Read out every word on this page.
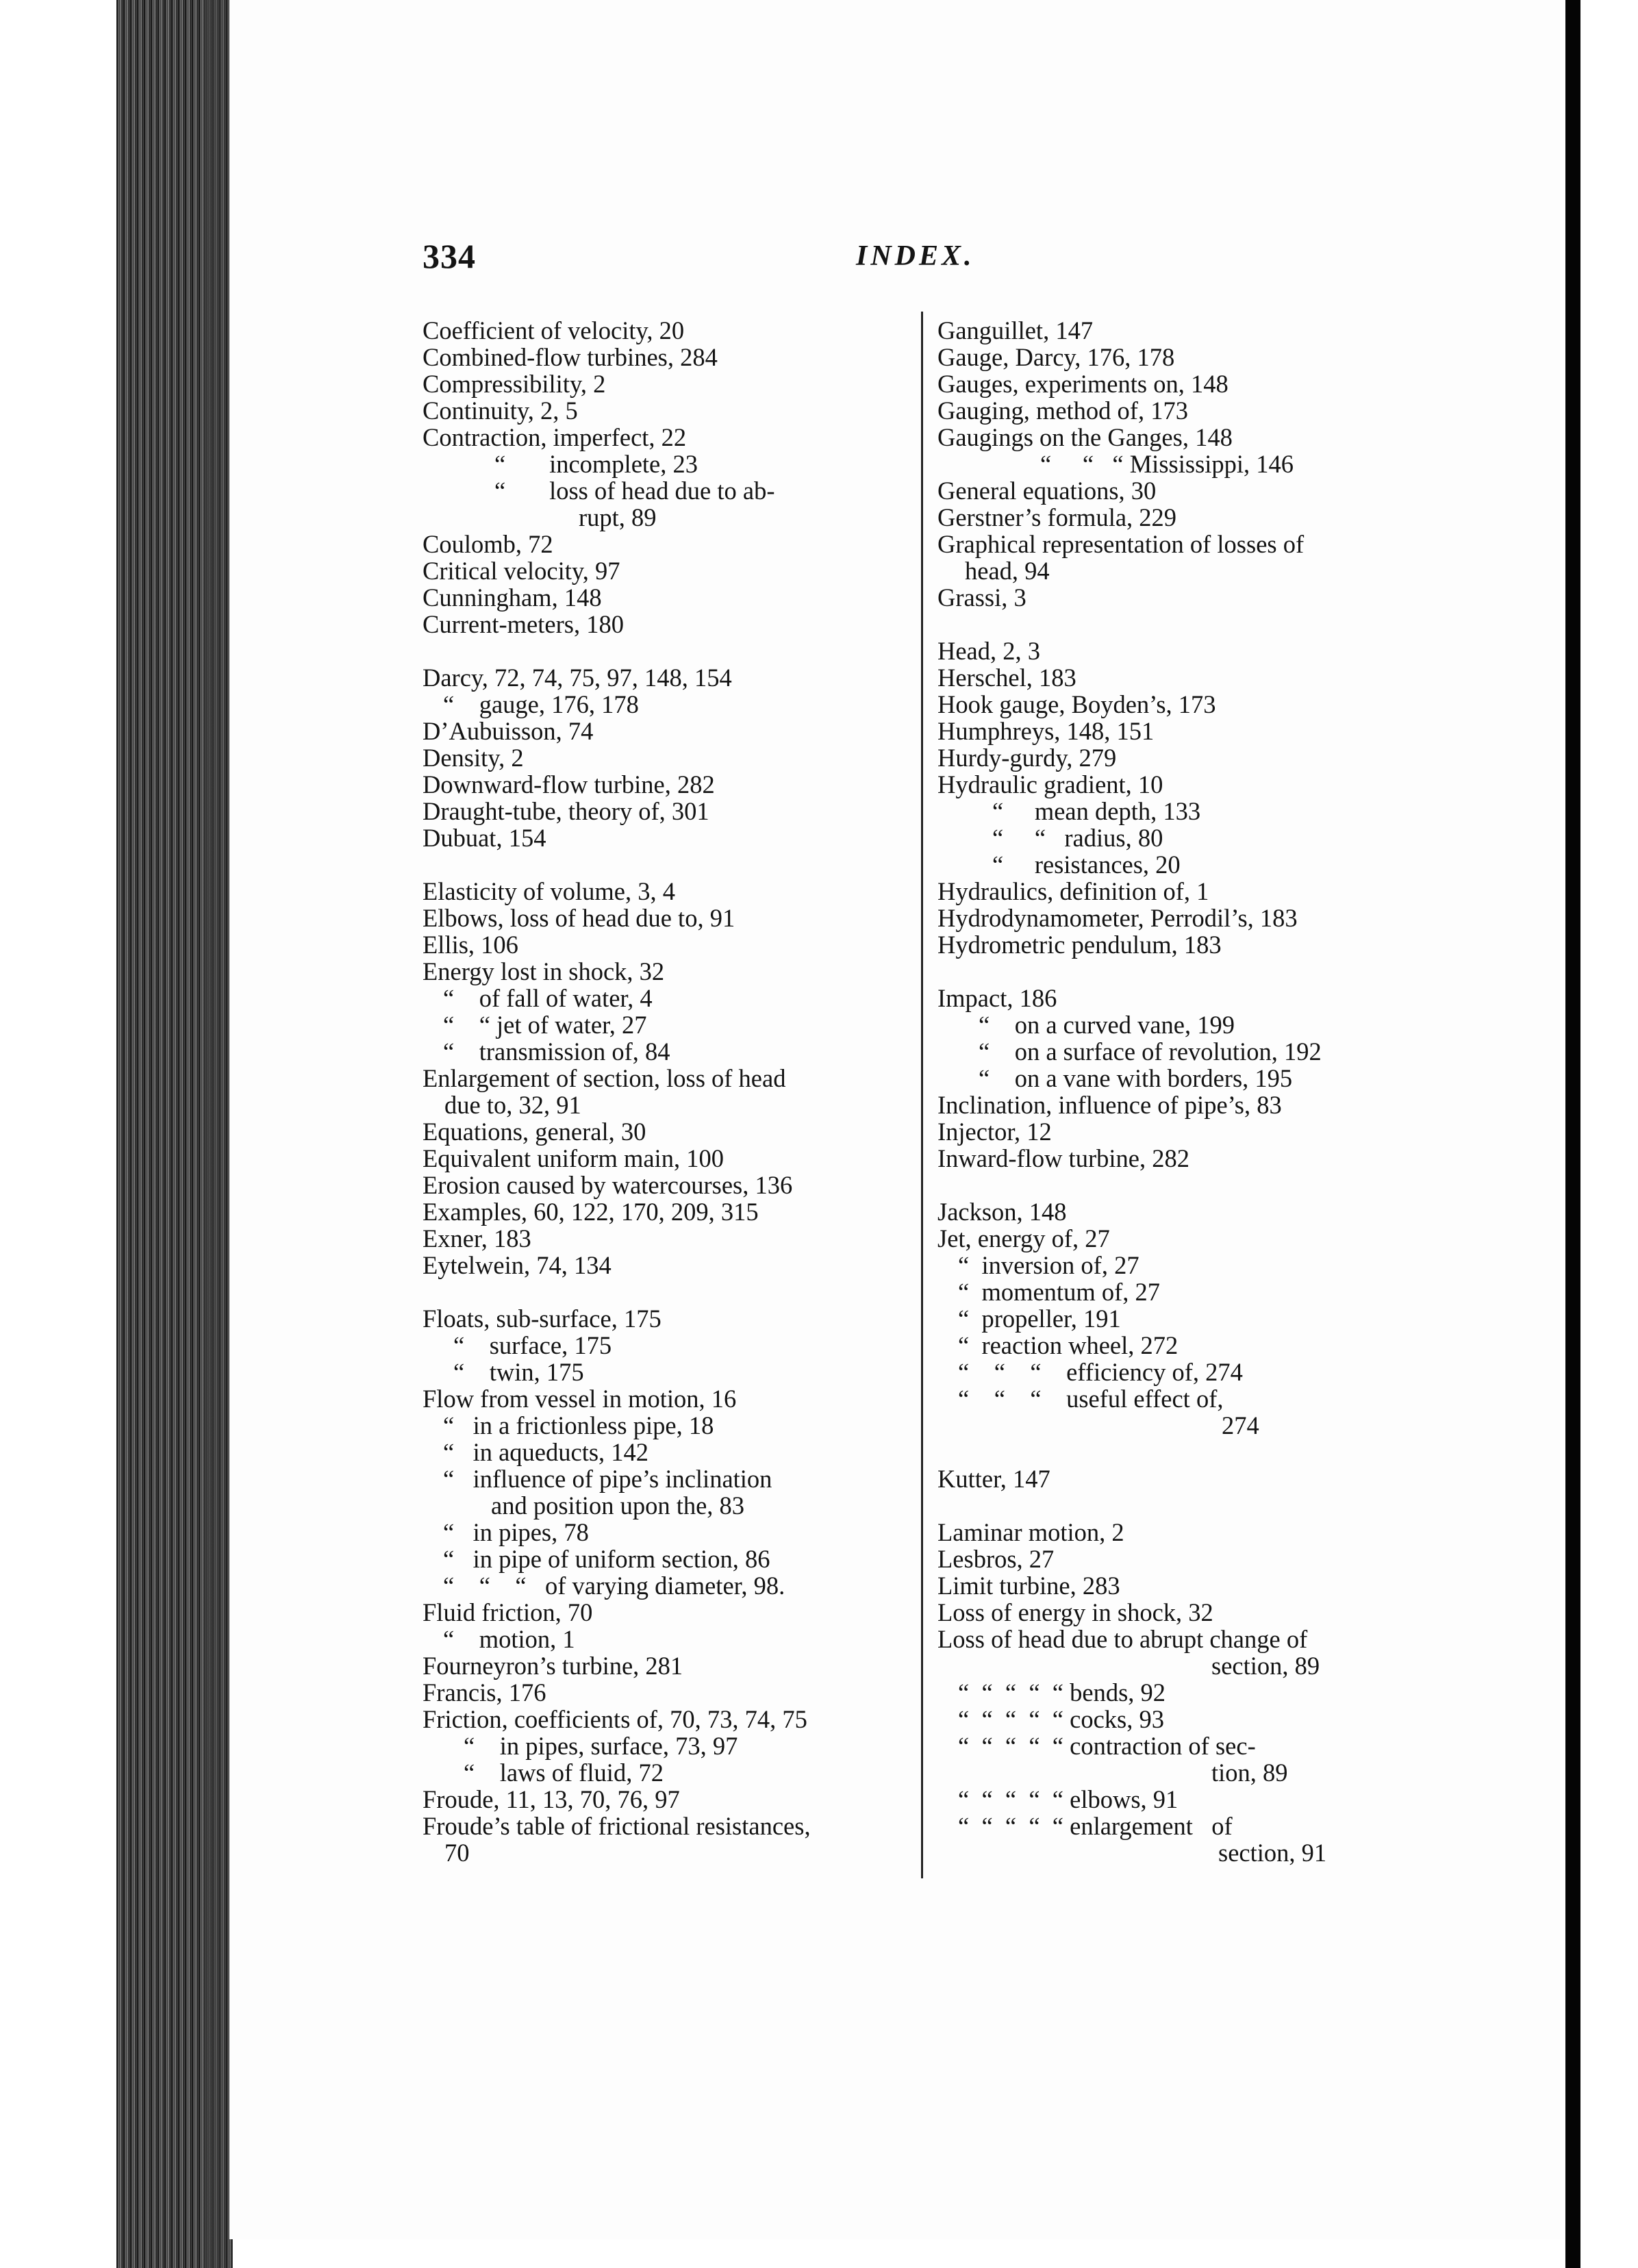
334	INDEX.
Coefficient of velocity, 20
Combined-flow turbines, 284
Compressibility, 2
Continuity, 2, 5
Contraction, imperfect, 22
“       incomplete, 23
“       loss of head due to ab-
rupt, 89
Coulomb, 72
Critical velocity, 97
Cunningham, 148
Current-meters, 180
Darcy, 72, 74, 75, 97, 148, 154
“    gauge, 176, 178
D’Aubuisson, 74
Density, 2
Downward-flow turbine, 282
Draught-tube, theory of, 301
Dubuat, 154
Elasticity of volume, 3, 4
Elbows, loss of head due to, 91
Ellis, 106
Energy lost in shock, 32
“    of fall of water, 4
“    “ jet of water, 27
“    transmission of, 84
Enlargement of section, loss of head
due to, 32, 91
Equations, general, 30
Equivalent uniform main, 100
Erosion caused by watercourses, 136
Examples, 60, 122, 170, 209, 315
Exner, 183
Eytelwein, 74, 134
Floats, sub-surface, 175
“    surface, 175
“    twin, 175
Flow from vessel in motion, 16
“   in a frictionless pipe, 18
“   in aqueducts, 142
“   influence of pipe’s inclination
and position upon the, 83
“   in pipes, 78
“   in pipe of uniform section, 86
“    “    “   of varying diameter, 98.
Fluid friction, 70
“    motion, 1
Fourneyron’s turbine, 281
Francis, 176
Friction, coefficients of, 70, 73, 74, 75
“    in pipes, surface, 73, 97
“    laws of fluid, 72
Froude, 11, 13, 70, 76, 97
Froude’s table of frictional resistances,
70
Ganguillet, 147
Gauge, Darcy, 176, 178
Gauges, experiments on, 148
Gauging, method of, 173
Gaugings on the Ganges, 148
“     “   “ Mississippi, 146
General equations, 30
Gerstner’s formula, 229
Graphical representation of losses of
head, 94
Grassi, 3
Head, 2, 3
Herschel, 183
Hook gauge, Boyden’s, 173
Humphreys, 148, 151
Hurdy-gurdy, 279
Hydraulic gradient, 10
“     mean depth, 133
“     “   radius, 80
“     resistances, 20
Hydraulics, definition of, 1
Hydrodynamometer, Perrodil’s, 183
Hydrometric pendulum, 183
Impact, 186
“    on a curved vane, 199
“    on a surface of revolution, 192
“    on a vane with borders, 195
Inclination, influence of pipe’s, 83
Injector, 12
Inward-flow turbine, 282
Jackson, 148
Jet, energy of, 27
“  inversion of, 27
“  momentum of, 27
“  propeller, 191
“  reaction wheel, 272
“    “    “    efficiency of, 274
“    “    “    useful effect of,
274
Kutter, 147
Laminar motion, 2
Lesbros, 27
Limit turbine, 283
Loss of energy in shock, 32
Loss of head due to abrupt change of
section, 89
“  “  “  “  “ bends, 92
“  “  “  “  “ cocks, 93
“  “  “  “  “ contraction of sec-
tion, 89
“  “  “  “  “ elbows, 91
“  “  “  “  “ enlargement   of
section, 91
